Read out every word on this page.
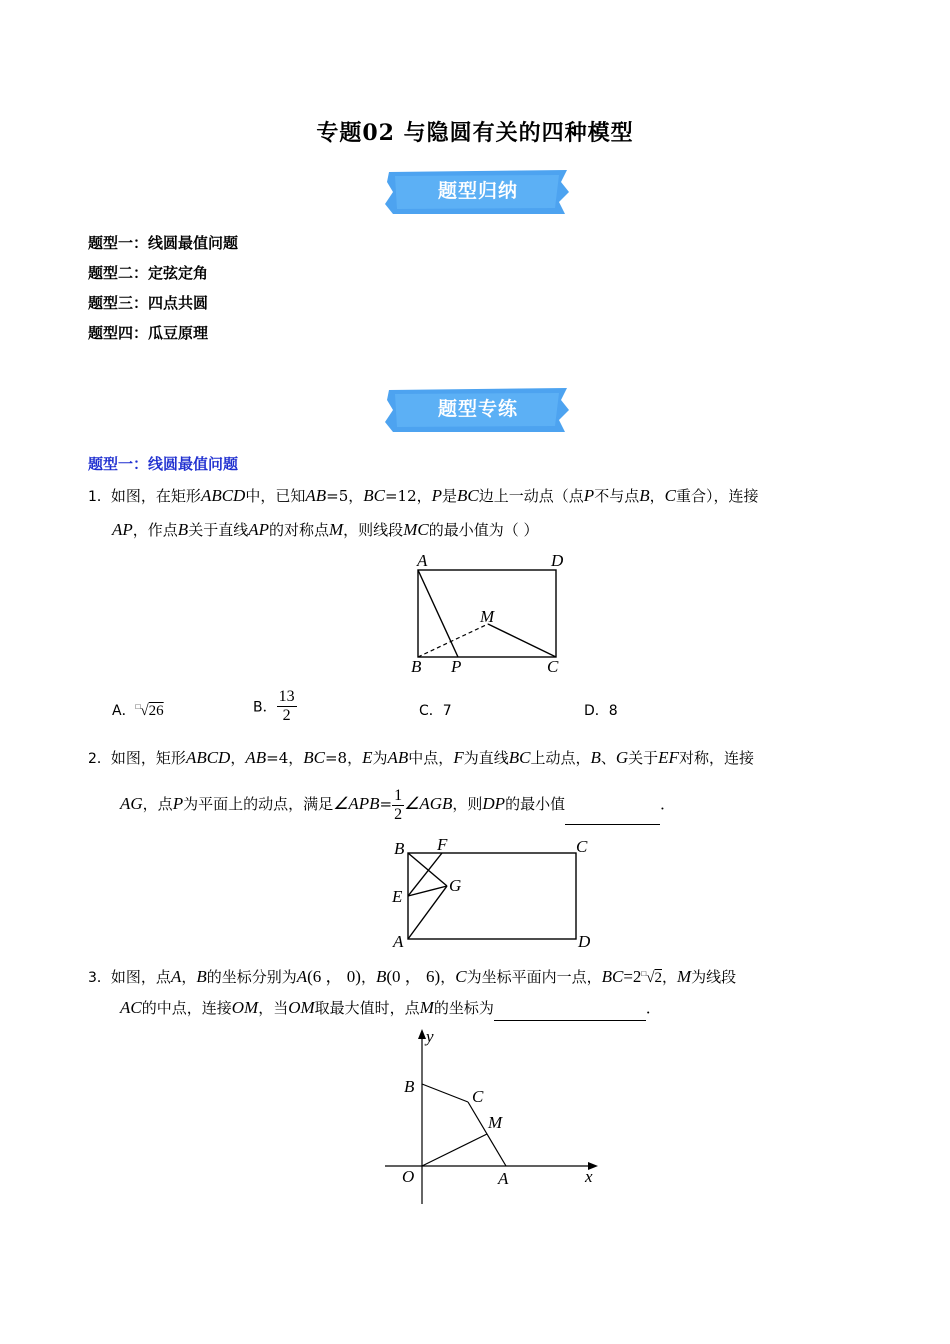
专题02 与隐圆有关的四种模型
题型归纳
题型一：线圆最值问题
题型二：定弦定角
题型三：四点共圆
题型四：瓜豆原理
题型专练
题型一：线圆最值问题
1．如图，在矩形ABCD中，已知AB=5，BC=12，P是BC边上一动点（点P不与点B，C重合），连接
AP，作点B关于直线AP的对称点M，则线段MC的最小值为（ ）
A	D
M
B P	C
A．□√26	B． $\frac{13}{2}$	C．7	D．8
2．如图，矩形ABCD，AB=4，BC=8，E为AB中点，F为直线BC上动点，B、G关于EF对称，连接
AG，点P为平面上的动点，满足∠APB= $\frac{1}{2}$ ∠AGB，则DP的最小值	．
B F	C
E
G
A	D
3．如图，点A，B的坐标分别为A(6 ， 0)，B(0 ， 6)，C为坐标平面内一点，BC=2□√2，M为线段
AC的中点，连接OM，当OM取最大值时，点M的坐标为	．
y
B
C
M
O	A	x
